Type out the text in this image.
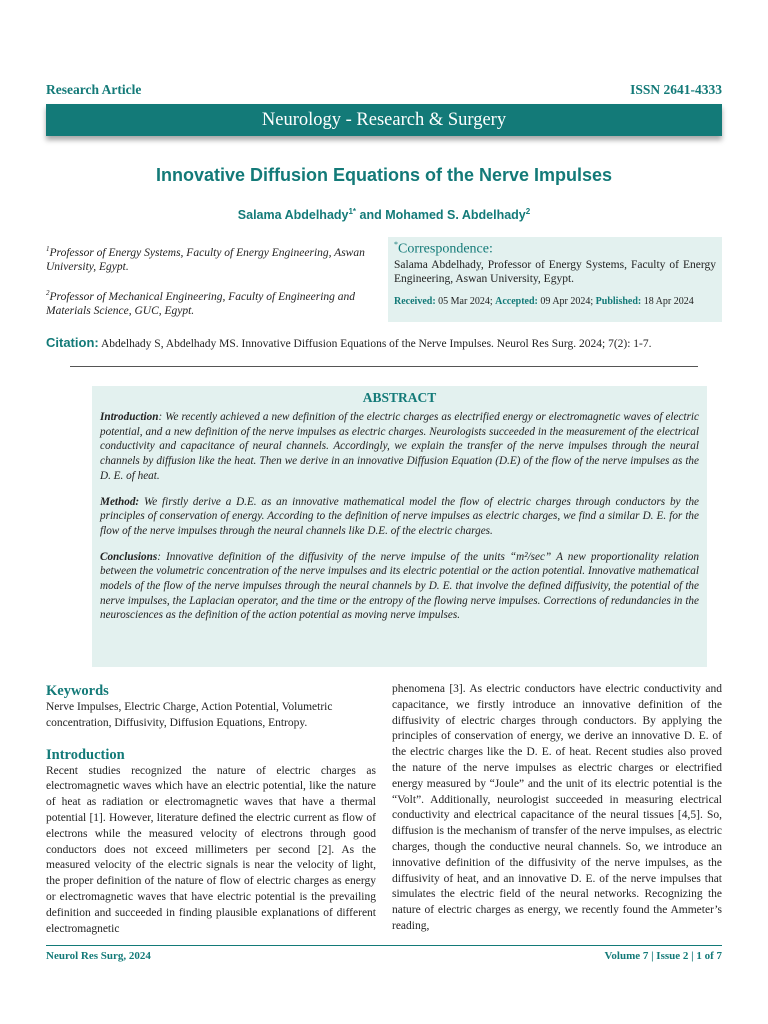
Research Article	ISSN 2641-4333
Neurology - Research & Surgery
Innovative Diffusion Equations of the Nerve Impulses
Salama Abdelhady$^{1*}$ and Mohamed S. Abdelhady$^2$
$^1$Professor of Energy Systems, Faculty of Energy Engineering, Aswan University, Egypt.
$^2$Professor of Mechanical Engineering, Faculty of Engineering and Materials Science, GUC, Egypt.
*Correspondence:
Salama Abdelhady, Professor of Energy Systems, Faculty of Energy Engineering, Aswan University, Egypt.
Received: 05 Mar 2024; Accepted: 09 Apr 2024; Published: 18 Apr 2024
Citation: Abdelhady S, Abdelhady MS. Innovative Diffusion Equations of the Nerve Impulses. Neurol Res Surg. 2024; 7(2): 1-7.
ABSTRACT

Introduction: We recently achieved a new definition of the electric charges as electrified energy or electromagnetic waves of electric potential, and a new definition of the nerve impulses as electric charges. Neurologists succeeded in the measurement of the electrical conductivity and capacitance of neural channels. Accordingly, we explain the transfer of the nerve impulses through the neural channels by diffusion like the heat. Then we derive in an innovative Diffusion Equation (D.E) of the flow of the nerve impulses as the D. E. of heat.

Method: We firstly derive a D.E. as an innovative mathematical model the flow of electric charges through conductors by the principles of conservation of energy. According to the definition of nerve impulses as electric charges, we find a similar D. E. for the flow of the nerve impulses through the neural channels like D.E. of the electric charges.

Conclusions: Innovative definition of the diffusivity of the nerve impulse of the units “m²/sec” A new proportionality relation between the volumetric concentration of the nerve impulses and its electric potential or the action potential. Innovative mathematical models of the flow of the nerve impulses through the neural channels by D. E. that involve the defined diffusivity, the potential of the nerve impulses, the Laplacian operator, and the time or the entropy of the flowing nerve impulses. Corrections of redundancies in the neurosciences as the definition of the action potential as moving nerve impulses.

Keywords

Nerve Impulses, Electric Charge, Action Potential, Volumetric concentration, Diffusivity, Diffusion Equations, Entropy.

Introduction

Recent studies recognized the nature of electric charges as electromagnetic waves which have an electric potential, like the nature of heat as radiation or electromagnetic waves that have a thermal potential [1]. However, literature defined the electric current as flow of electrons while the measured velocity of electrons through good conductors does not exceed millimeters per second [2]. As the measured velocity of the electric signals is near the velocity of light, the proper definition of the nature of flow of electric charges as energy or electromagnetic waves that have electric potential is the prevailing definition and succeeded in finding plausible explanations of different electromagnetic

phenomena [3]. As electric conductors have electric conductivity and capacitance, we firstly introduce an innovative definition of the diffusivity of electric charges through conductors. By applying the principles of conservation of energy, we derive an innovative D. E. of the electric charges like the D. E. of heat. Recent studies also proved the nature of the nerve impulses as electric charges or electrified energy measured by “Joule” and the unit of its electric potential is the “Volt”. Additionally, neurologist succeeded in measuring electrical conductivity and electrical capacitance of the neural tissues [4,5]. So, diffusion is the mechanism of transfer of the nerve impulses, as electric charges, though the conductive neural channels. So, we introduce an innovative definition of the diffusivity of the nerve impulses, as the diffusivity of heat, and an innovative D. E. of the nerve impulses that simulates the electric field of the neural networks. Recognizing the nature of electric charges as energy, we recently found the Ammeter’s reading,

Neurol Res Surg, 2024	Volume 7 | Issue 2 | 1 of 7
